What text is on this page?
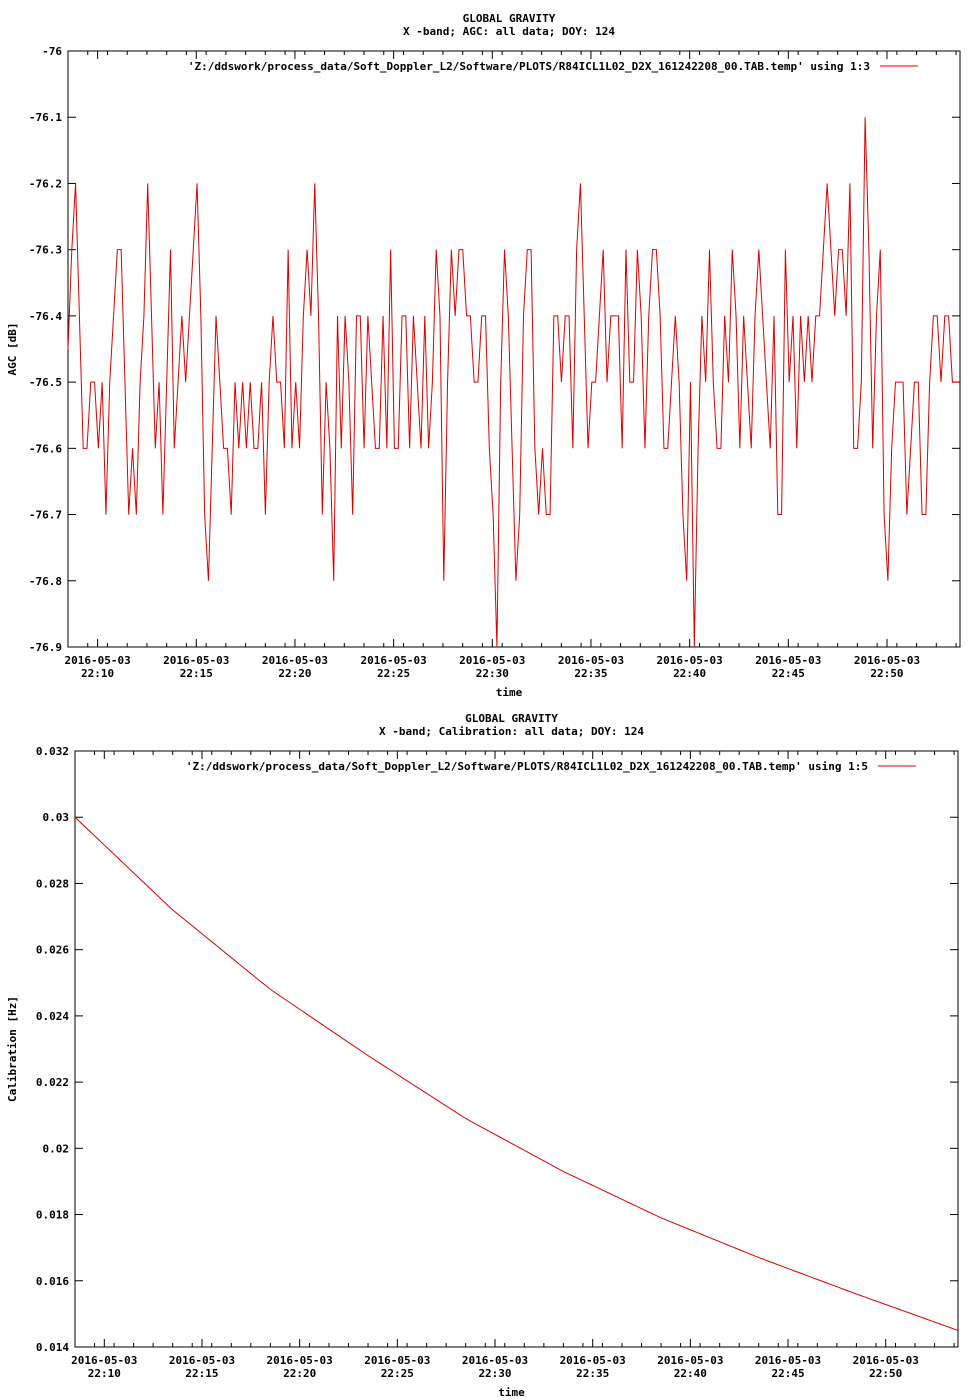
GLOBAL GRAVITY
X -band; AGC: all data; DOY: 124
-76
-76.1
-76.2
-76.3
-76.4
-76.5
-76.6
-76.7
-76.8
-76.9
2016-05-03
22:10
2016-05-03
22:15
2016-05-03
22:20
2016-05-03
22:25
2016-05-03
22:30
2016-05-03
22:35
2016-05-03
22:40
2016-05-03
22:45
2016-05-03
22:50
time
AGC [dB]
'Z:/ddswork/process_data/Soft_Doppler_L2/Software/PLOTS/R84ICL1L02_D2X_161242208_00.TAB.temp' using 1:3
GLOBAL GRAVITY
X -band; Calibration: all data; DOY: 124
0.032
0.03
0.028
0.026
0.024
0.022
0.02
0.018
0.016
0.014
2016-05-03
22:10
2016-05-03
22:15
2016-05-03
22:20
2016-05-03
22:25
2016-05-03
22:30
2016-05-03
22:35
2016-05-03
22:40
2016-05-03
22:45
2016-05-03
22:50
time
Calibration [Hz]
'Z:/ddswork/process_data/Soft_Doppler_L2/Software/PLOTS/R84ICL1L02_D2X_161242208_00.TAB.temp' using 1:5
